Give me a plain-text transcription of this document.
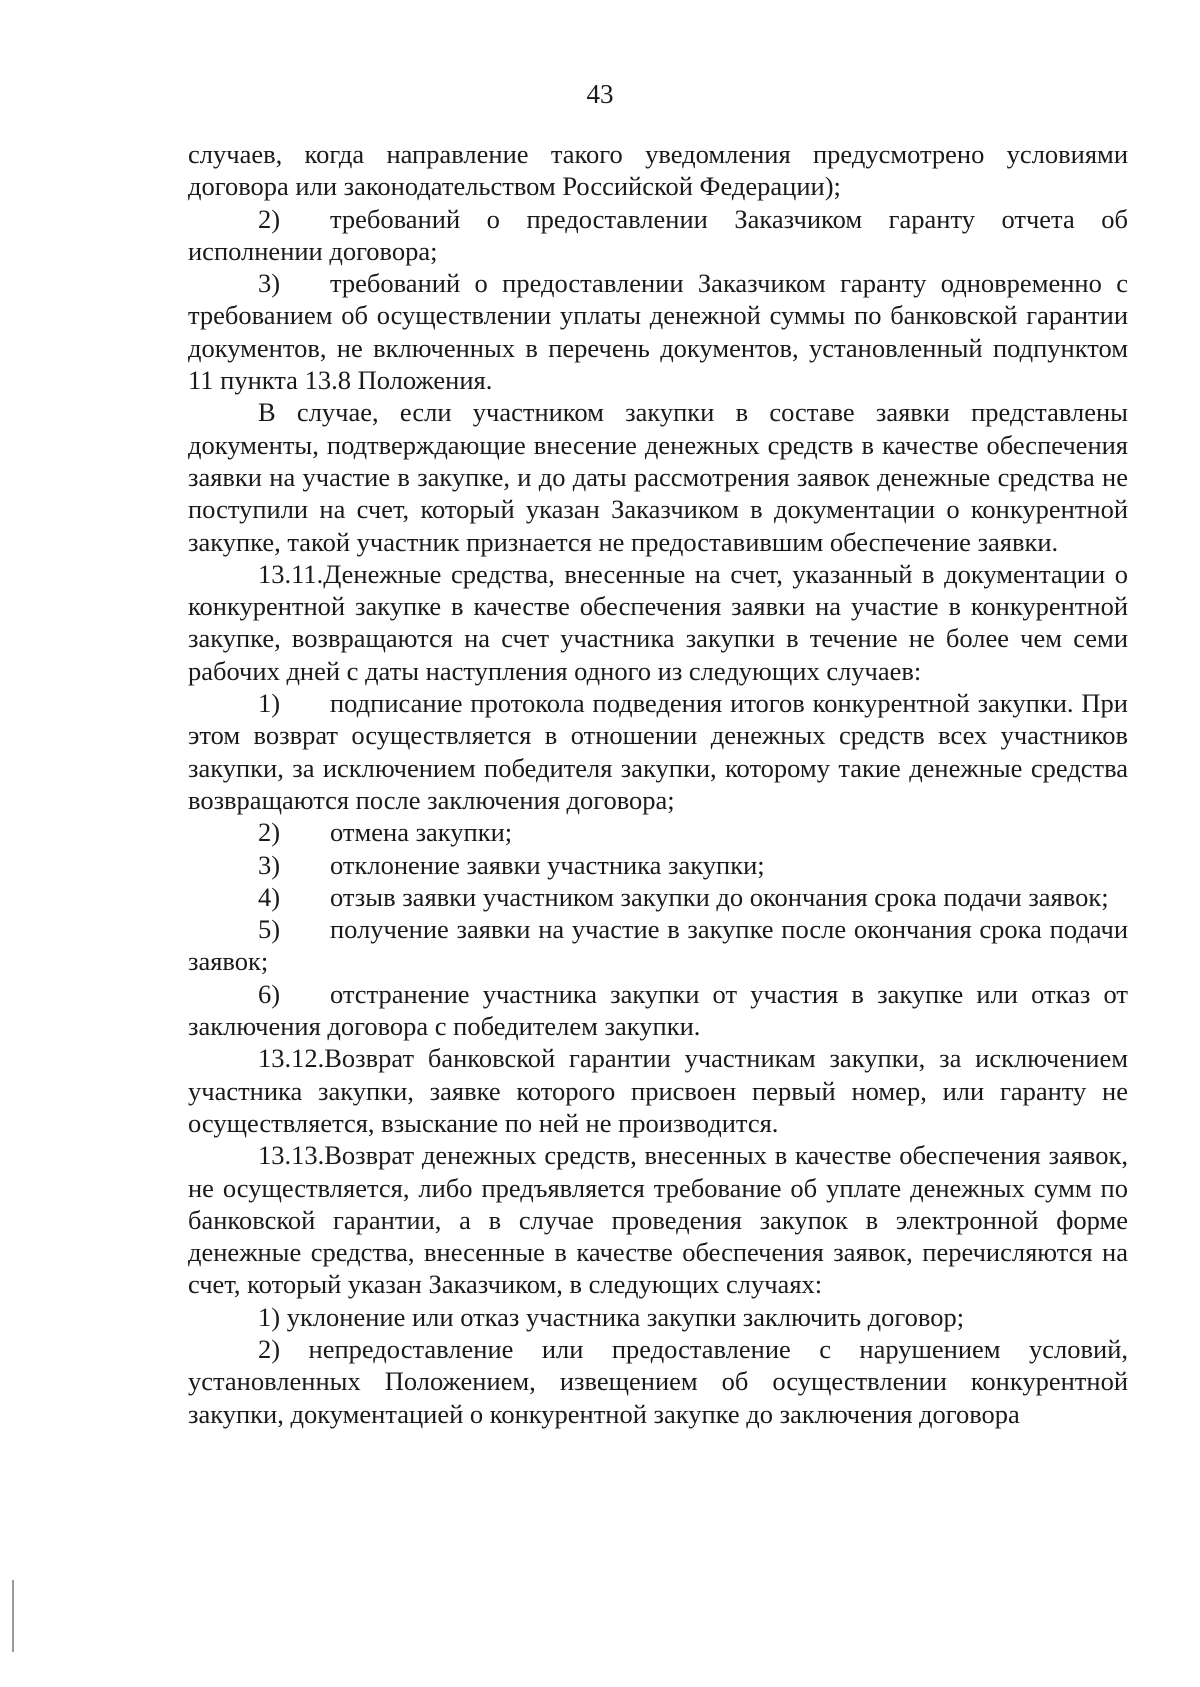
43

случаев, когда направление такого уведомления предусмотрено условиями договора или законодательством Российской Федерации);

2) требований о предоставлении Заказчиком гаранту отчета об исполнении договора;

3) требований о предоставлении Заказчиком гаранту одновременно с требованием об осуществлении уплаты денежной суммы по банковской гарантии документов, не включенных в перечень документов, установленный подпунктом 11 пункта 13.8 Положения.

В случае, если участником закупки в составе заявки представлены документы, подтверждающие внесение денежных средств в качестве обеспечения заявки на участие в закупке, и до даты рассмотрения заявок денежные средства не поступили на счет, который указан Заказчиком в документации о конкурентной закупке, такой участник признается не предоставившим обеспечение заявки.

13.11.Денежные средства, внесенные на счет, указанный в документации о конкурентной закупке в качестве обеспечения заявки на участие в конкурентной закупке, возвращаются на счет участника закупки в течение не более чем семи рабочих дней с даты наступления одного из следующих случаев:

1) подписание протокола подведения итогов конкурентной закупки. При этом возврат осуществляется в отношении денежных средств всех участников закупки, за исключением победителя закупки, которому такие денежные средства возвращаются после заключения договора;

2) отмена закупки;

3) отклонение заявки участника закупки;

4) отзыв заявки участником закупки до окончания срока подачи заявок;

5) получение заявки на участие в закупке после окончания срока подачи заявок;

6) отстранение участника закупки от участия в закупке или отказ от заключения договора с победителем закупки.

13.12.Возврат банковской гарантии участникам закупки, за исключением участника закупки, заявке которого присвоен первый номер, или гаранту не осуществляется, взыскание по ней не производится.

13.13.Возврат денежных средств, внесенных в качестве обеспечения заявок, не осуществляется, либо предъявляется требование об уплате денежных сумм по банковской гарантии, а в случае проведения закупок в электронной форме денежные средства, внесенные в качестве обеспечения заявок, перечисляются на счет, который указан Заказчиком, в следующих случаях:

1) уклонение или отказ участника закупки заключить договор;

2) непредоставление или предоставление с нарушением условий, установленных Положением, извещением об осуществлении конкурентной закупки, документацией о конкурентной закупке до заключения договора
